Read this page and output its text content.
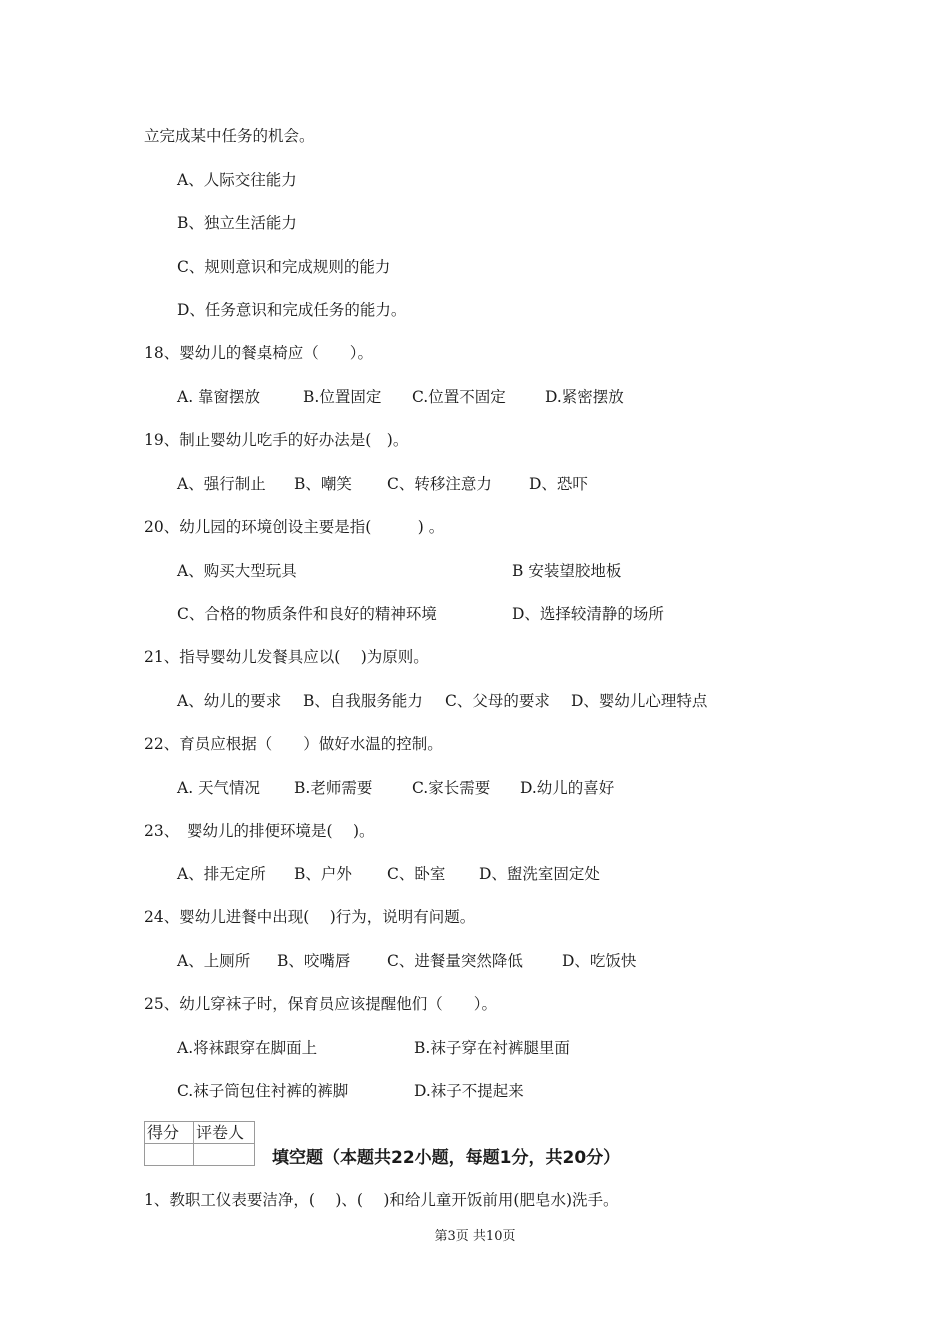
立完成某中任务的机会。
A、人际交往能力
B、独立生活能力
C、规则意识和完成规则的能力
D、任务意识和完成任务的能力。
18、婴幼儿的餐桌椅应（　　）。
A. 靠窗摆放	B.位置固定 C.位置不固定	D.紧密摆放
19、制止婴幼儿吃手的好办法是(　)。
A、强行制止 B、嘲笑 C、转移注意力 D、恐吓
20、幼儿园的环境创设主要是指(　　　) 。
A、购买大型玩具	B 安装望胶地板
C、合格的物质条件和良好的精神环境	D、选择较清静的场所
21、指导婴幼儿发餐具应以(　 )为原则。
A、幼儿的要求 B、自我服务能力 C、父母的要求 D、婴幼儿心理特点
22、育员应根据（　　）做好水温的控制。
A. 天气情况 B.老师需要	C.家长需要 D.幼儿的喜好
23、　婴幼儿的排便环境是(　 )。
A、排无定所 B、户外 C、卧室 D、盥洗室固定处
24、婴幼儿进餐中出现(　 )行为，说明有问题。
A、上厕所 B、咬嘴唇 C、进餐量突然降低	D、吃饭快
25、幼儿穿袜子时，保育员应该提醒他们（　　）。
A.将袜跟穿在脚面上	B.袜子穿在衬裤腿里面
C.袜子筒包住衬裤的裤脚	D.袜子不提起来
得分	评卷人

填空题（本题共22小题，每题1分，共20分）
1、教职工仪表要洁净，(　 )、(　 )和给儿童开饭前用(肥皂水)洗手。
第3页 共10页
